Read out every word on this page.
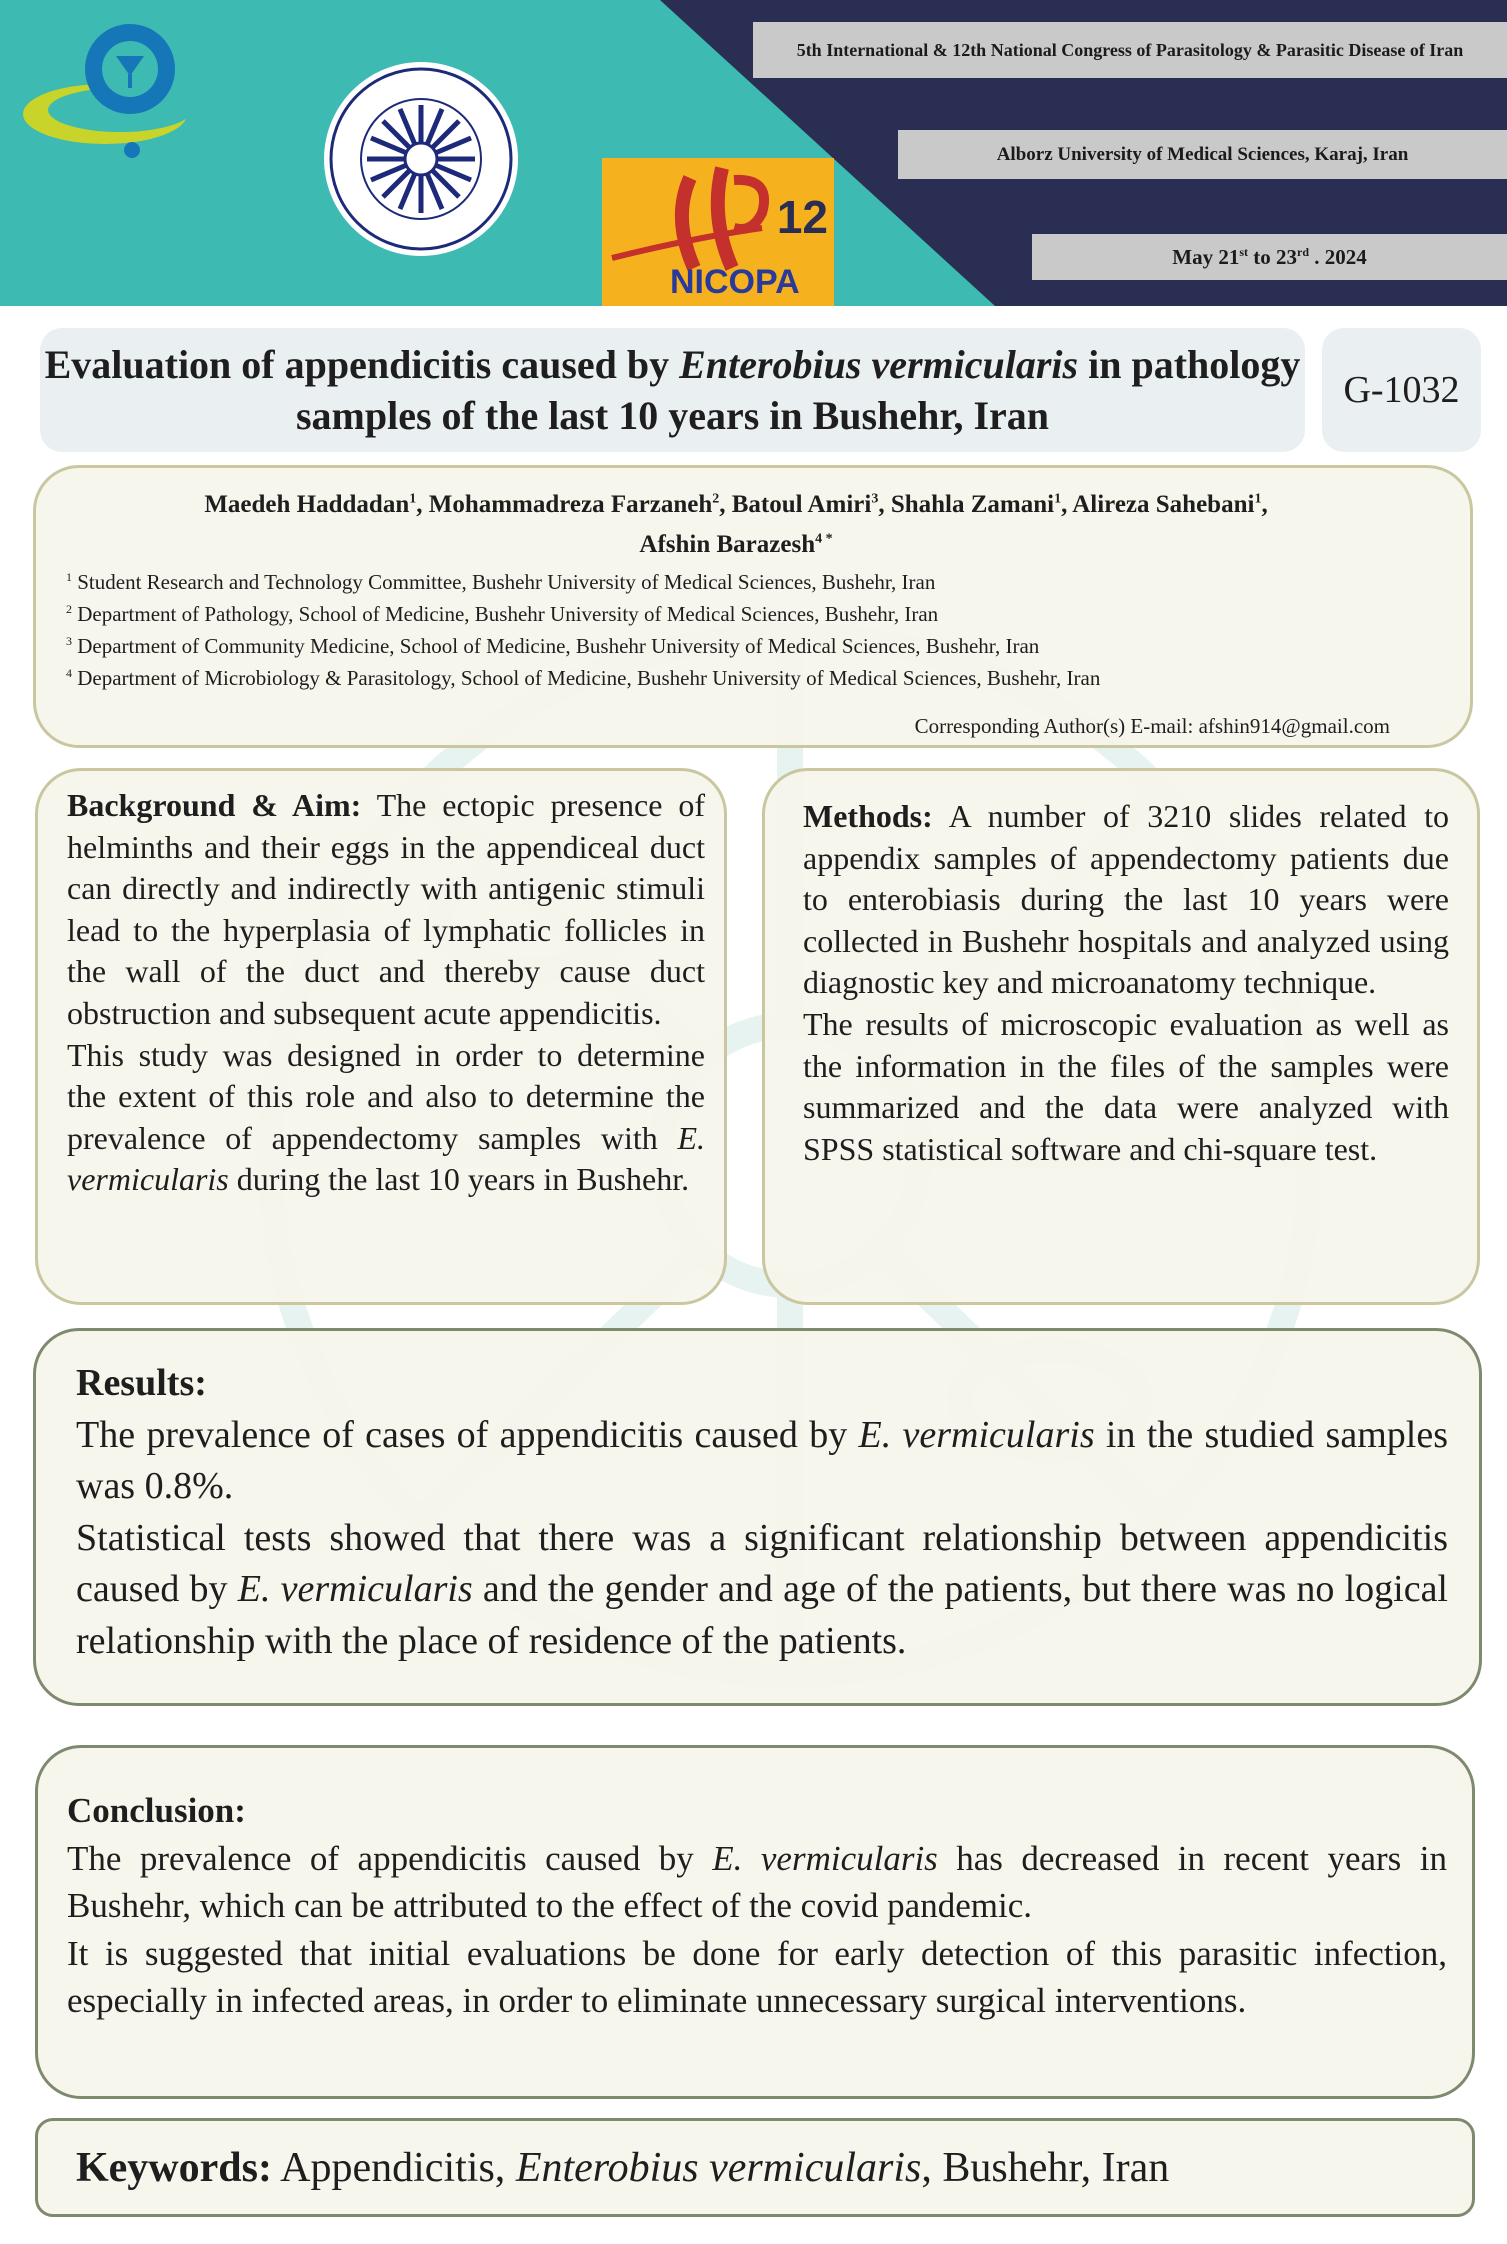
12
NICOPA
5th International & 12th National Congress of Parasitology & Parasitic Disease of Iran
Alborz University of Medical Sciences, Karaj, Iran
May 21st to 23rd . 2024
Evaluation of appendicitis caused by Enterobius vermicularis in pathology samples of the last 10 years in Bushehr, Iran
G-1032
Maedeh Haddadan$^1$, Mohammadreza Farzaneh$^2$, Batoul Amiri$^3$, Shahla Zamani$^1$, Alireza Sahebani$^1$,
Afshin Barazesh$^{4 *}$
$^1$ Student Research and Technology Committee, Bushehr University of Medical Sciences, Bushehr, Iran
$^2$ Department of Pathology, School of Medicine, Bushehr University of Medical Sciences, Bushehr, Iran
$^3$ Department of Community Medicine, School of Medicine, Bushehr University of Medical Sciences, Bushehr, Iran
$^4$ Department of Microbiology & Parasitology, School of Medicine, Bushehr University of Medical Sciences, Bushehr, Iran
Corresponding Author(s) E-mail: afshin914@gmail.com

Background & Aim: The ectopic presence of helminths and their eggs in the appendiceal duct can directly and indirectly with antigenic stimuli lead to the hyperplasia of lymphatic follicles in the wall of the duct and thereby cause duct obstruction and subsequent acute appendicitis.

This study was designed in order to determine the extent of this role and also to determine the prevalence of appendectomy samples with E. vermicularis during the last 10 years in Bushehr.

Methods: A number of 3210 slides related to appendix samples of appendectomy patients due to enterobiasis during the last 10 years were collected in Bushehr hospitals and analyzed using diagnostic key and microanatomy technique.

The results of microscopic evaluation as well as the information in the files of the samples were summarized and the data were analyzed with SPSS statistical software and chi-square test.

Results:

The prevalence of cases of appendicitis caused by E. vermicularis in the studied samples was 0.8%.

Statistical tests showed that there was a significant relationship between appendicitis caused by E. vermicularis and the gender and age of the patients, but there was no logical relationship with the place of residence of the patients.

Conclusion:

The prevalence of appendicitis caused by E. vermicularis has decreased in recent years in Bushehr, which can be attributed to the effect of the covid pandemic.

It is suggested that initial evaluations be done for early detection of this parasitic infection, especially in infected areas, in order to eliminate unnecessary surgical interventions.

Keywords: Appendicitis, Enterobius vermicularis, Bushehr, Iran
